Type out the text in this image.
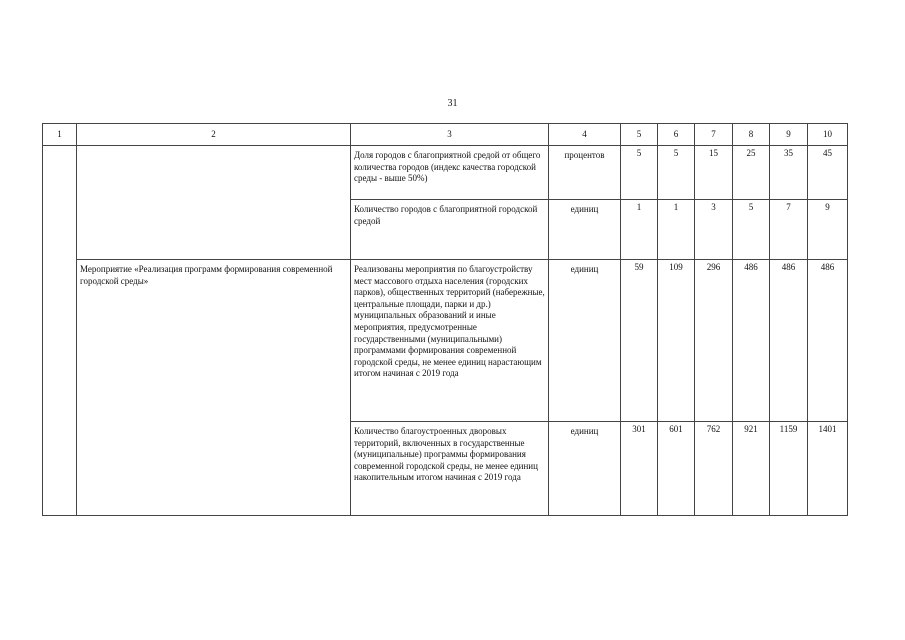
31
1	2	3	4	5	6	7	8	9	10
		Доля городов с благоприятной средой от общего количества городов (индекс качества городской среды - выше 50%)	процентов	5	5	15	25	35	45
		Количество городов с благоприятной городской средой	единиц	1	1	3	5	7	9
	Мероприятие «Реализация программ формирования современной городской среды»	Реализованы мероприятия по благоустройству мест массового отдыха населения (городских парков), общественных территорий (набережные, центральные площади, парки и др.) муниципальных образований и иные мероприятия, предусмотренные государственными (муниципальными) программами формирования современной городской среды, не менее единиц нарастающим итогом начиная с 2019 года	единиц	59	109	296	486	486	486
		Количество благоустроенных дворовых территорий, включенных в государственные (муниципальные) программы формирования современной городской среды, не менее единиц накопительным итогом начиная с 2019 года	единиц	301	601	762	921	1159	1401
